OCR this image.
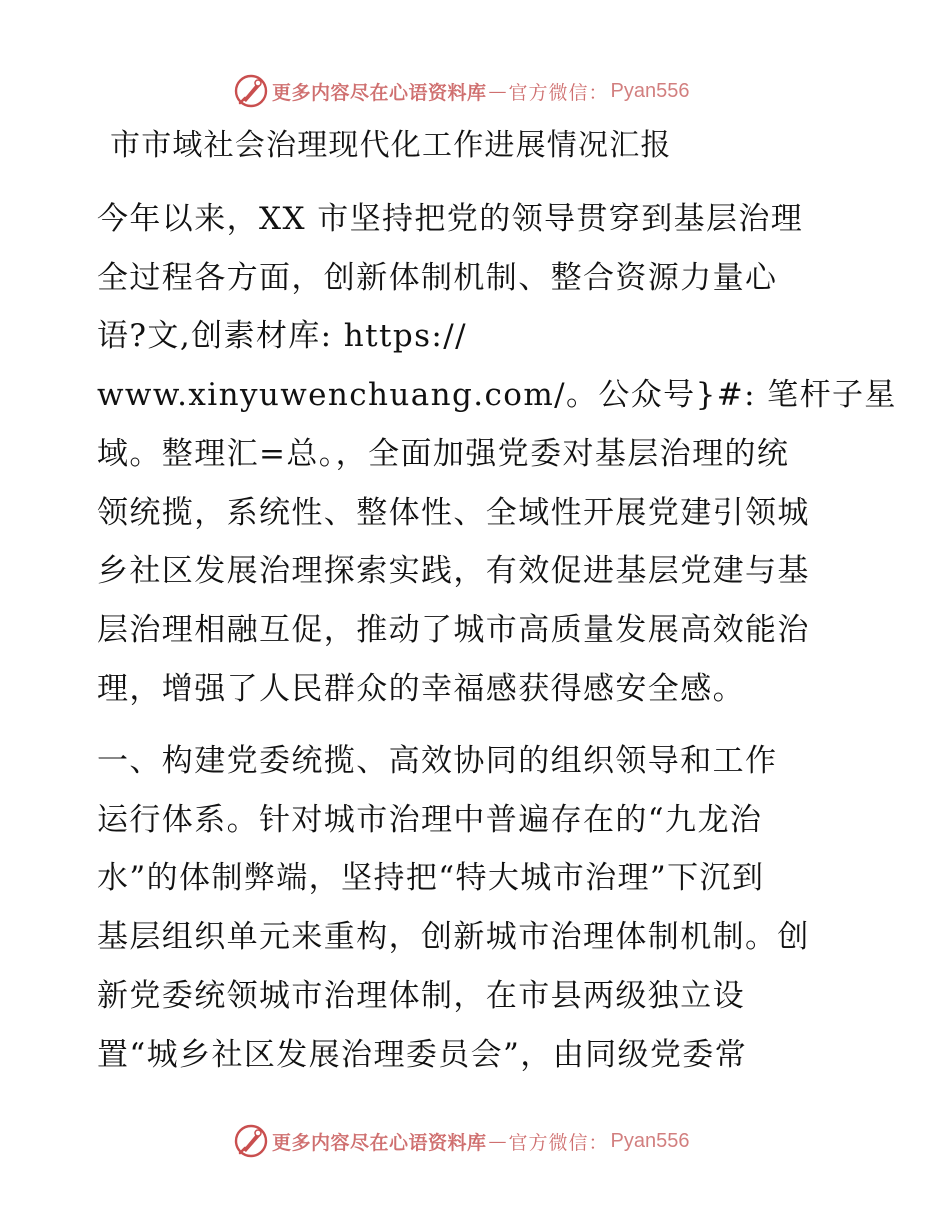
更多内容尽在心语资料库 — 官方微信： Pyan556
市市域社会治理现代化工作进展情况汇报

今年以来，XX 市坚持把党的领导贯穿到基层治理
全过程各方面，创新体制机制、整合资源力量心
语?文,创素材库: https://
www.xinyuwenchuang.com/。公众号}#: 笔杆子星
域。整理汇=总。，全面加强党委对基层治理的统
领统揽，系统性、整体性、全域性开展党建引领城
乡社区发展治理探索实践，有效促进基层党建与基
层治理相融互促，推动了城市高质量发展高效能治
理，增强了人民群众的幸福感获得感安全感。

一、构建党委统揽、高效协同的组织领导和工作
运行体系。针对城市治理中普遍存在的“九龙治
水”的体制弊端，坚持把“特大城市治理”下沉到
基层组织单元来重构，创新城市治理体制机制。创
新党委统领城市治理体制，在市县两级独立设
置“城乡社区发展治理委员会”，由同级党委常

更多内容尽在心语资料库 — 官方微信： Pyan556
